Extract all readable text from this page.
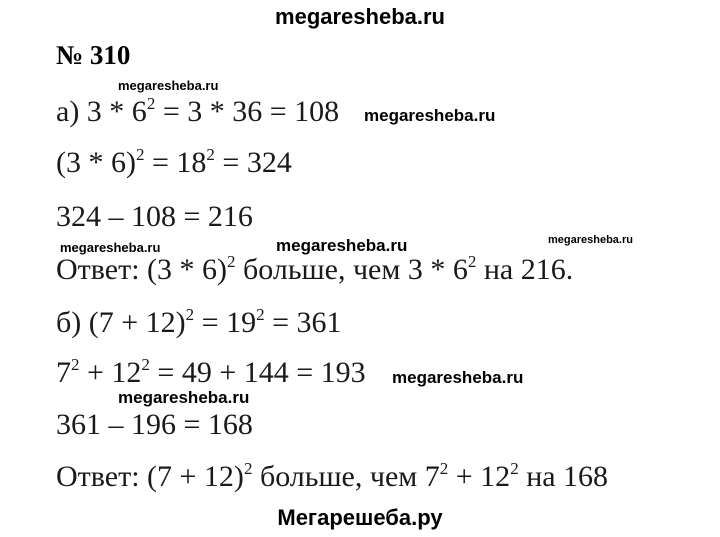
megaresheba.ru
№ 310
megaresheba.ru
а) $3 * 6^2 = 3 * 36 = 108$ megaresheba.ru
$(3 * 6)^2 = 18^2 = 324$
324 – 108 = 216
megaresheba.ru	megaresheba.ru	megaresheba.ru
Ответ: (3 * 6)$^2$ больше, чем $3 * 6^2$ на 216.
б) $(7 + 12)^2 = 19^2 = 361$
$7^2 + 12^2 = 49 + 144 = 193$ megaresheba.ru
megaresheba.ru
361 – 196 = 168
Ответ: $(7 + 12)^2$ больше, чем $7^2 + 12^2$ на 168
Мегарешеба.ру
